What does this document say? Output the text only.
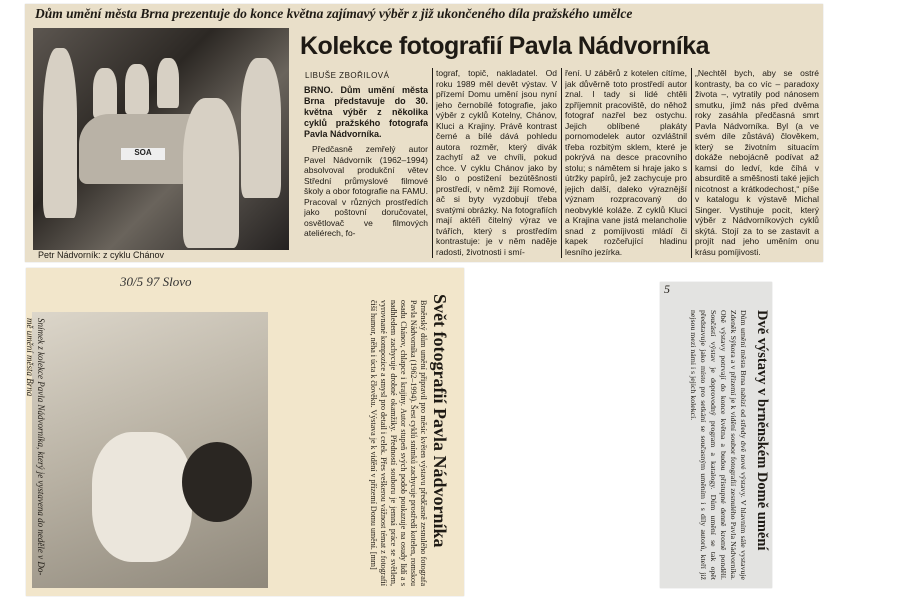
Dům umění města Brna prezentuje do konce května zajímavý výběr z již ukončeného díla pražského umělce
SOA
Petr Nádvorník: z cyklu Chánov
Kolekce fotografií Pavla Nádvorníka
LIBUŠE ZBOŘILOVÁ

BRNO. Dům umění města Brna představuje do 30. května výběr z několika cyklů pražského fotografa Pavla Nádvorníka.

Předčasně zemřelý autor Pavel Nádvorník (1962–1994) absolvoval produkční větev Střední průmyslové filmové školy a obor fotografie na FAMU. Pracoval v různých prostředích jako poštovní doručovatel, osvětlovač ve filmových ateliérech, fo-

tograf, topič, nakladatel. Od roku 1989 měl devět výstav. V přízemí Domu umění jsou nyní jeho černobílé fotografie, jako výběr z cyklů Kotelny, Chánov, Kluci a Krajiny. Právě kontrast černé a bílé dává pohledu autora rozměr, který divák zachytí až ve chvíli, pokud chce. V cyklu Chánov jako by šlo o postižení bezútěšnosti prostředí, v němž žijí Romové, ač si byty vyzdobují třeba svatými obrázky. Na fotografiích mají aktéři čitelný výraz ve tvářích, který s prostředím kontrastuje: je v něm naděje radosti, životnosti i smí-

ření. U záběrů z kotelen cítíme, jak důvěrně toto prostředí autor znal. I tady si lidé chtěli zpříjemnit pracoviště, do něhož fotograf nazřel bez ostychu. Jejich oblíbené plakáty pornomodelek autor ozvláštnil třeba rozbitým sklem, které je pokrývá na desce pracovního stolu; s námětem si hraje jako s útržky papírů, jež zachycuje pro jejich další, daleko výraznější význam rozpracovaný do neobvyklé koláže. Z cyklů Kluci a Krajina vane jistá melancholie snad z pomíjivosti mládí či kapek rozčeřující hladinu lesního jezírka.

„Nechtěl bych, aby se ostré kontrasty, ba co víc – paradoxy života –, vytratily pod nánosem smutku, jímž nás před dvěma roky zasáhla předčasná smrt Pavla Nádvorníka. Byl (a ve svém díle zůstává) člověkem, který se životním situacím dokáže nebojácně podívat až kamsi do ledví, kde číhá v absurditě a směšnosti také jejich nicotnost a krátkodechost,“ píše v katalogu k výstavě Michal Singer. Vystihuje pocit, který výběr z Nádvorníkových cyklů skýtá. Stojí za to se zastavit a projít nad jeho uměním onu krásu pomíjivosti.

30/5 97 Slovo
Snímek z kolekce Pavla Nádvorníka, který je vystavena do neděle v Do-
mě umění města Brna	Svět fotografií Pavla Nádvorníka

Brněnský dům umění připravil pro měsíc květen výstavu předčasně zesnulého fotografa Pavla Nádvorníka (1962–1994). Šest cyklů snímků zachycuje prostředí kotelen, romskou osadu Chánov, chlapce i krajiny. Autor stupeň svých podob poukazuje na osudy lidí a s nadhledem zachycuje drobné okamžiky. Předností souboru je jemná práce se světlem, vyrovnané kompozice a smysl pro detail i celek. Přes veškerou vážnost témat z fotografií čiší humor, něha i úcta k člověku. Výstava je k vidění v přízemí Domu umění. [mm]

5
Dvě výstavy v brněnském Domě umění

Dům umění města Brna nabízí od středy dvě nové výstavy. V hlavním sále vystavuje Zdeněk Sýkora a v přízemí je k vidění soubor fotografií zesnulého Pavla Nádvorníka. Obě výstavy potrvají do konce května a budou přístupné denně kromě pondělí. Součástí výstav je doprovodný program a katalogy. Dům umění se tak opět představuje jako místo pro setkání se současným uměním i s díly autorů, kteří již nejsou mezi námi i s jejich kolekcí.
